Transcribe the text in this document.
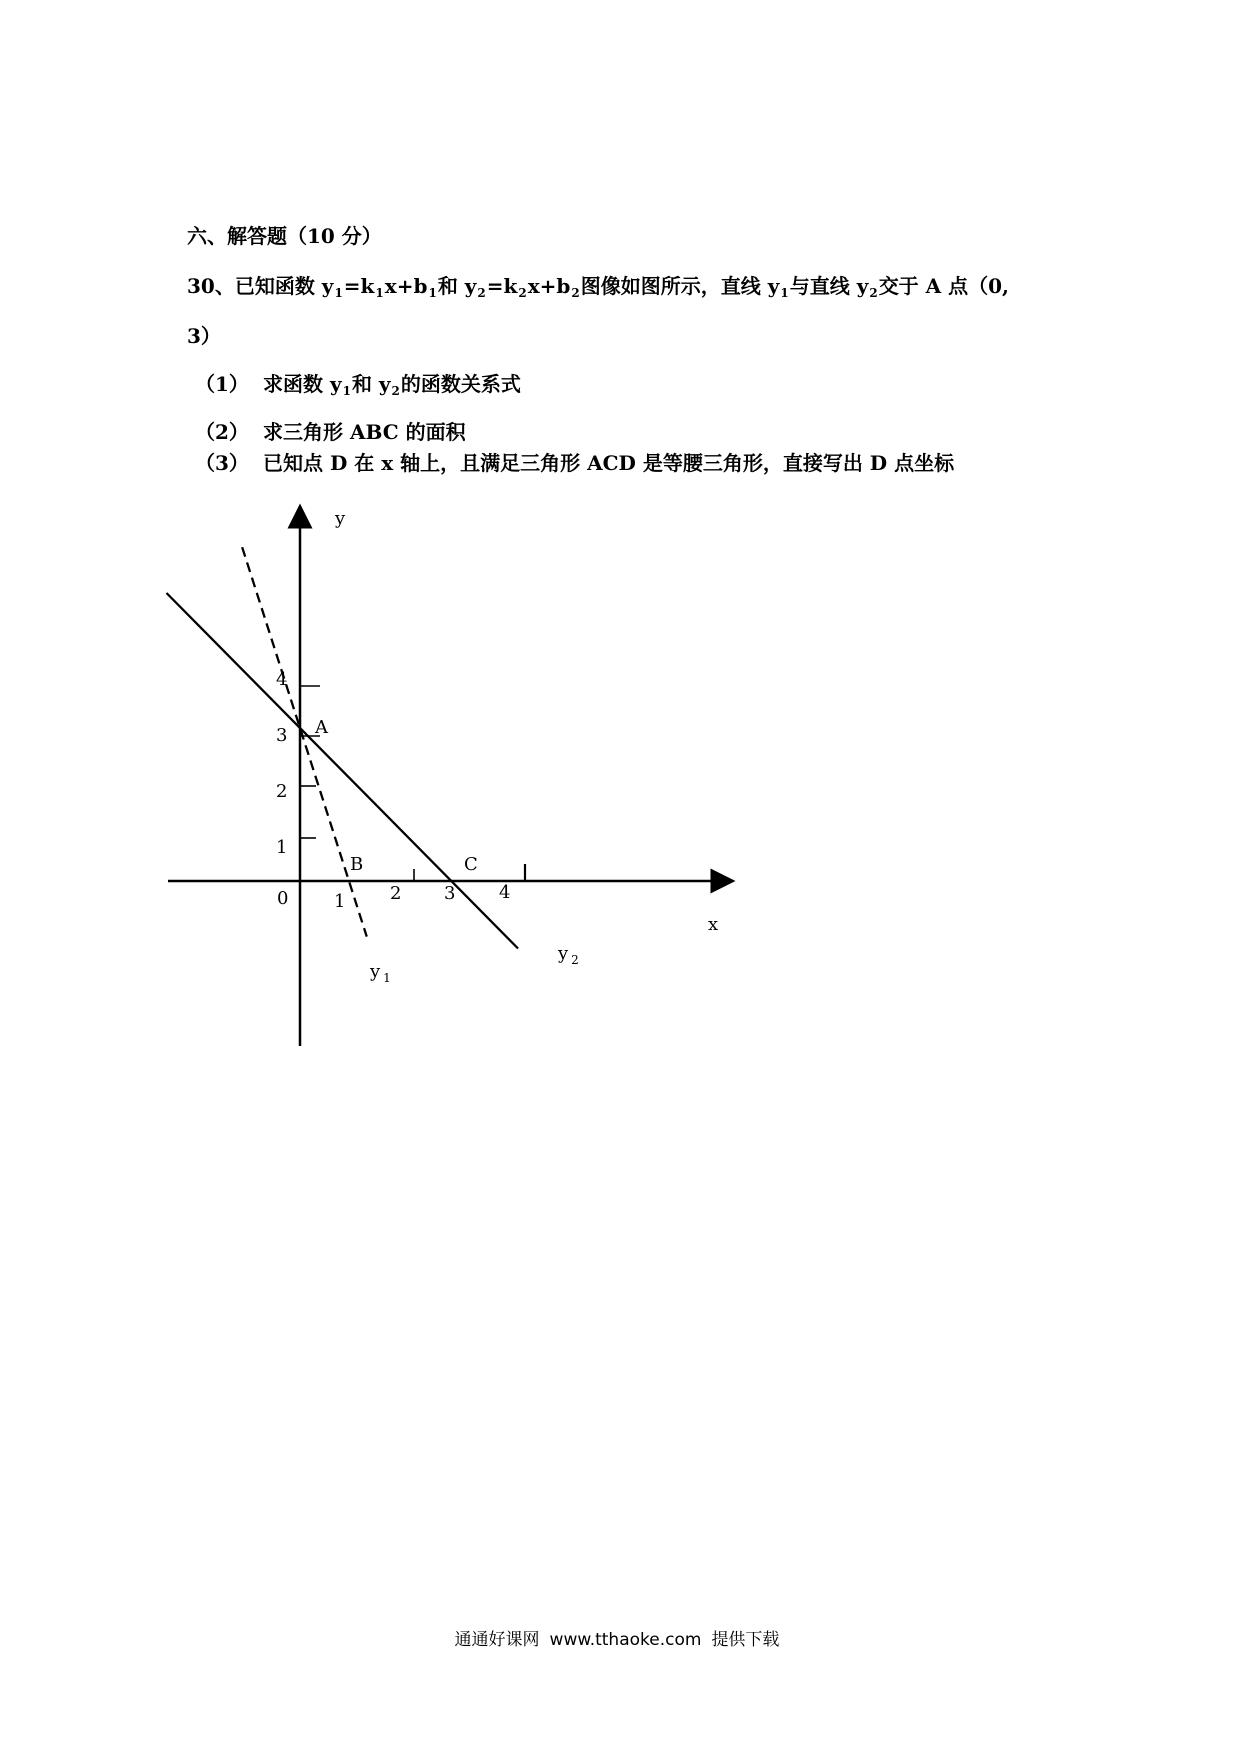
六、解答题（10 分）
30、已知函数 $y_1=k_1x+b_1$和 $y_2=k_2x+b_2$图像如图所示，直线 $y_1$与直线 $y_2$交于 A 点（0,
3）
（1） 求函数 $y_1$和 $y_2$的函数关系式
（2） 求三角形 ABC 的面积
（3） 已知点 D 在 x 轴上，且满足三角形 ACD 是等腰三角形，直接写出 D 点坐标
y
x
0
4
3
2
1
1 2 3 4
A
B	C
y $_1$
y $_2$
通通好课网 www.tthaoke.com 提供下载
